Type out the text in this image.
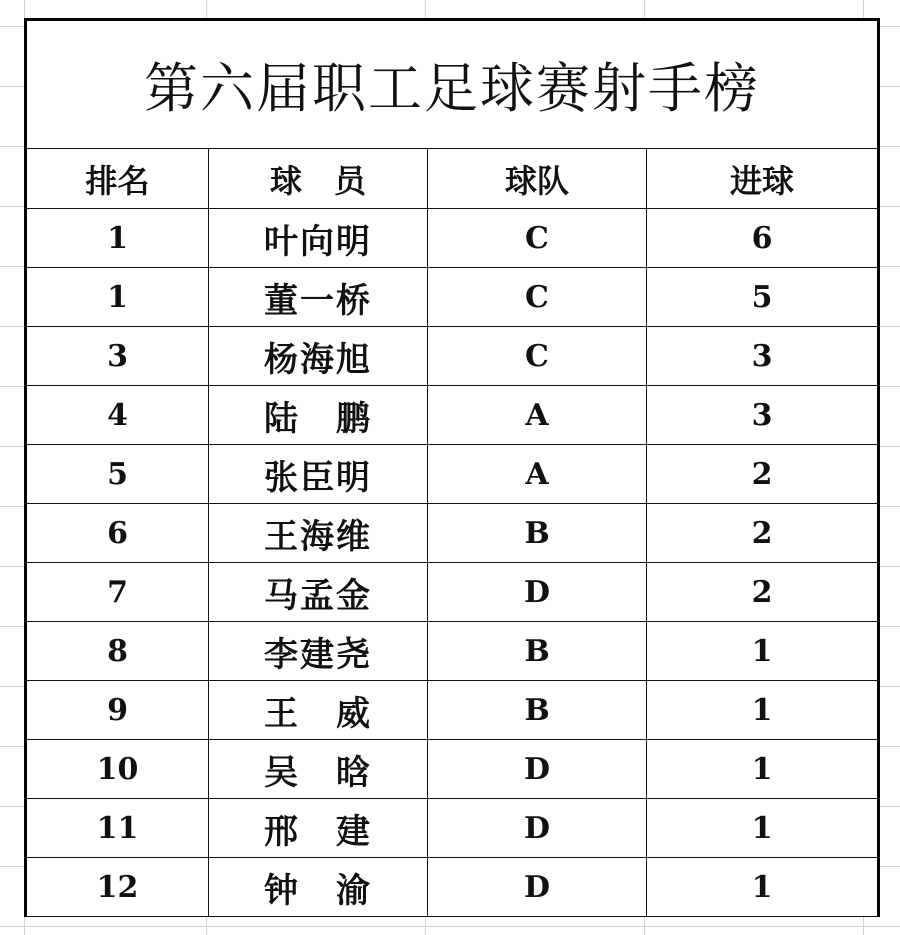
第六届职工足球赛射手榜			
排名	球　员	球队	进球
1	叶向明	C	6
1	董一桥	C	5
3	杨海旭	C	3
4	陆　鹏	A	3
5	张臣明	A	2
6	王海维	B	2
7	马孟金	D	2
8	李建尧	B	1
9	王　威	B	1
10	吴　晗	D	1
11	邢　建	D	1
12	钟　渝	D	1
